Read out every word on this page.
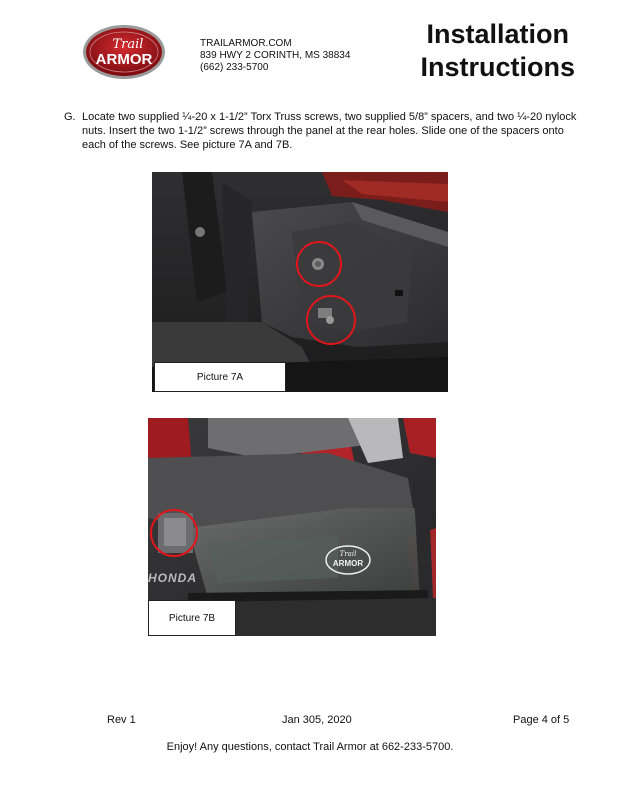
Trail
ARMOR
TRAILARMOR.COM
839 HWY 2 CORINTH, MS 38834
(662) 233-5700
Installation
Instructions
G. Locate two supplied ¼-20 x 1-1/2” Torx Truss screws, two supplied 5/8” spacers, and two ¼-20 nylock nuts. Insert the two 1-1/2” screws through the panel at the rear holes. Slide one of the spacers onto each of the screws. See picture 7A and 7B.
Picture 7A
HONDA
Trail
ARMOR
Picture 7B
Rev 1	Jan 305, 2020	Page 4 of 5
Enjoy! Any questions, contact Trail Armor at 662-233-5700.
